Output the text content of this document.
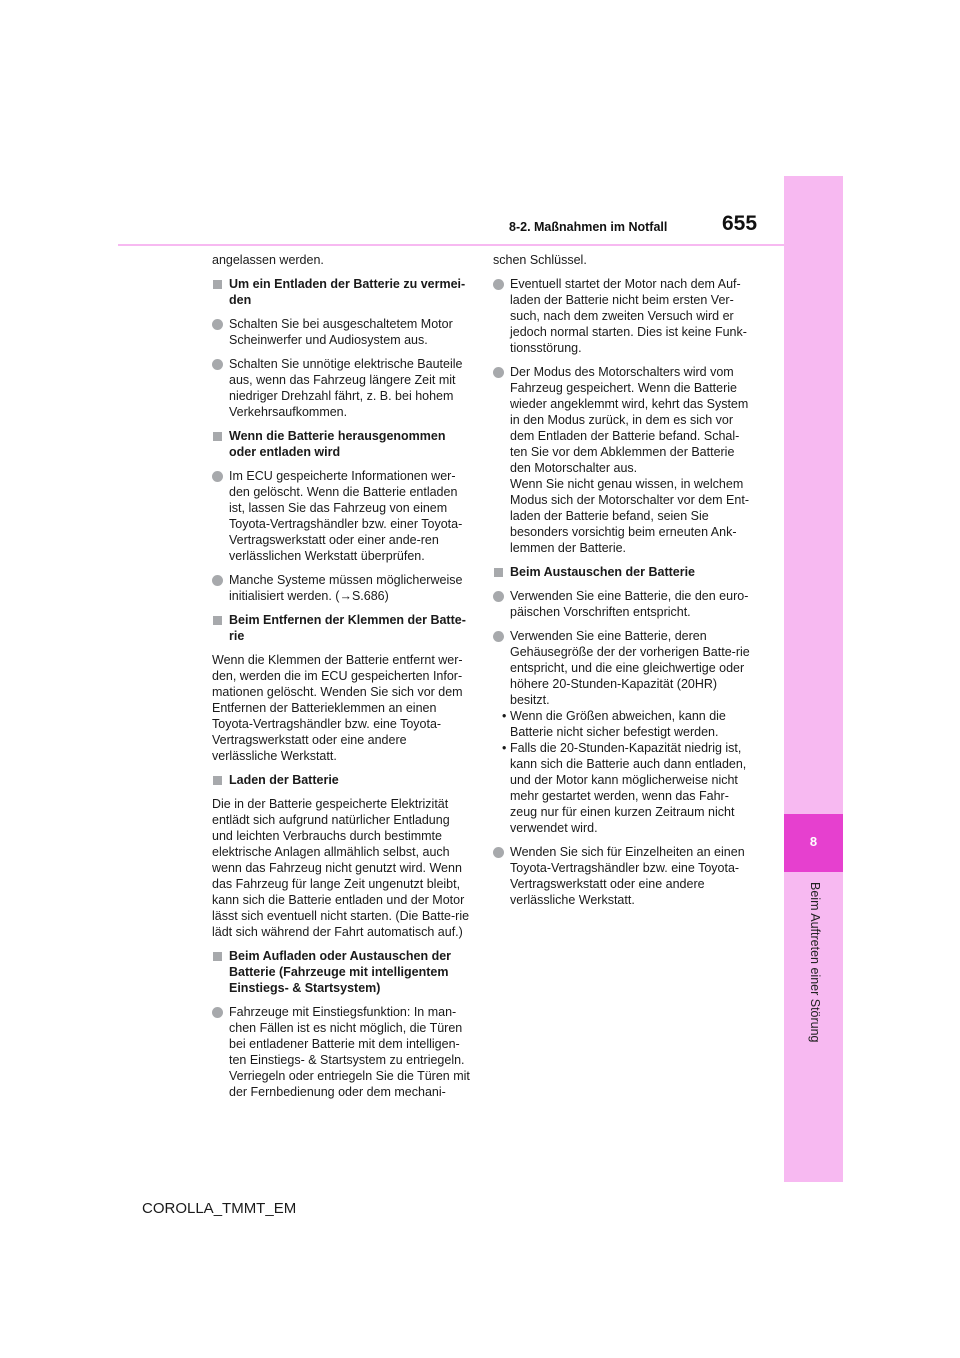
8
Beim Auftreten einer Störung
8-2. Maßnahmen im Notfall	655
angelassen werden.
Um ein Entladen der Batterie zu vermei-den
Schalten Sie bei ausgeschaltetem Motor Scheinwerfer und Audiosystem aus.
Schalten Sie unnötige elektrische Bauteile aus, wenn das Fahrzeug längere Zeit mit niedriger Drehzahl fährt, z. B. bei hohem Verkehrsaufkommen.
Wenn die Batterie herausgenommen oder entladen wird
Im ECU gespeicherte Informationen wer-den gelöscht. Wenn die Batterie entladen ist, lassen Sie das Fahrzeug von einem Toyota-Vertragshändler bzw. einer Toyota-Vertragswerkstatt oder einer ande-ren verlässlichen Werkstatt überprüfen.
Manche Systeme müssen möglicherweise initialisiert werden. (→S.686)
Beim Entfernen der Klemmen der Batte-rie
Wenn die Klemmen der Batterie entfernt wer-den, werden die im ECU gespeicherten Infor-mationen gelöscht. Wenden Sie sich vor dem Entfernen der Batterieklemmen an einen Toyota-Vertragshändler bzw. eine Toyota-Vertragswerkstatt oder eine andere verlässliche Werkstatt.
Laden der Batterie
Die in der Batterie gespeicherte Elektrizität entlädt sich aufgrund natürlicher Entladung und leichten Verbrauchs durch bestimmte elektrische Anlagen allmählich selbst, auch wenn das Fahrzeug nicht genutzt wird. Wenn das Fahrzeug für lange Zeit ungenutzt bleibt, kann sich die Batterie entladen und der Motor lässt sich eventuell nicht starten. (Die Batte-rie lädt sich während der Fahrt automatisch auf.)
Beim Aufladen oder Austauschen der Batterie (Fahrzeuge mit intelligentem Einstiegs- & Startsystem)
Fahrzeuge mit Einstiegsfunktion: In man-chen Fällen ist es nicht möglich, die Türen bei entladener Batterie mit dem intelligen-ten Einstiegs- & Startsystem zu entriegeln. Verriegeln oder entriegeln Sie die Türen mit der Fernbedienung oder dem mechani-
schen Schlüssel.
Eventuell startet der Motor nach dem Auf-laden der Batterie nicht beim ersten Ver-such, nach dem zweiten Versuch wird er jedoch normal starten. Dies ist keine Funk-tionsstörung.
Der Modus des Motorschalters wird vom Fahrzeug gespeichert. Wenn die Batterie wieder angeklemmt wird, kehrt das System in den Modus zurück, in dem es sich vor dem Entladen der Batterie befand. Schal-ten Sie vor dem Abklemmen der Batterie den Motorschalter aus.
Wenn Sie nicht genau wissen, in welchem Modus sich der Motorschalter vor dem Ent-laden der Batterie befand, seien Sie besonders vorsichtig beim erneuten Ank-lemmen der Batterie.
Beim Austauschen der Batterie
Verwenden Sie eine Batterie, die den euro-päischen Vorschriften entspricht.
Verwenden Sie eine Batterie, deren Gehäusegröße der der vorherigen Batte-rie entspricht, und die eine gleichwertige oder höhere 20-Stunden-Kapazität (20HR) besitzt.
• Wenn die Größen abweichen, kann die Batterie nicht sicher befestigt werden.
• Falls die 20-Stunden-Kapazität niedrig ist, kann sich die Batterie auch dann entladen, und der Motor kann möglicherweise nicht mehr gestartet werden, wenn das Fahr-zeug nur für einen kurzen Zeitraum nicht verwendet wird.
Wenden Sie sich für Einzelheiten an einen Toyota-Vertragshändler bzw. eine Toyota-Vertragswerkstatt oder eine andere verlässliche Werkstatt.
COROLLA_TMMT_EM
